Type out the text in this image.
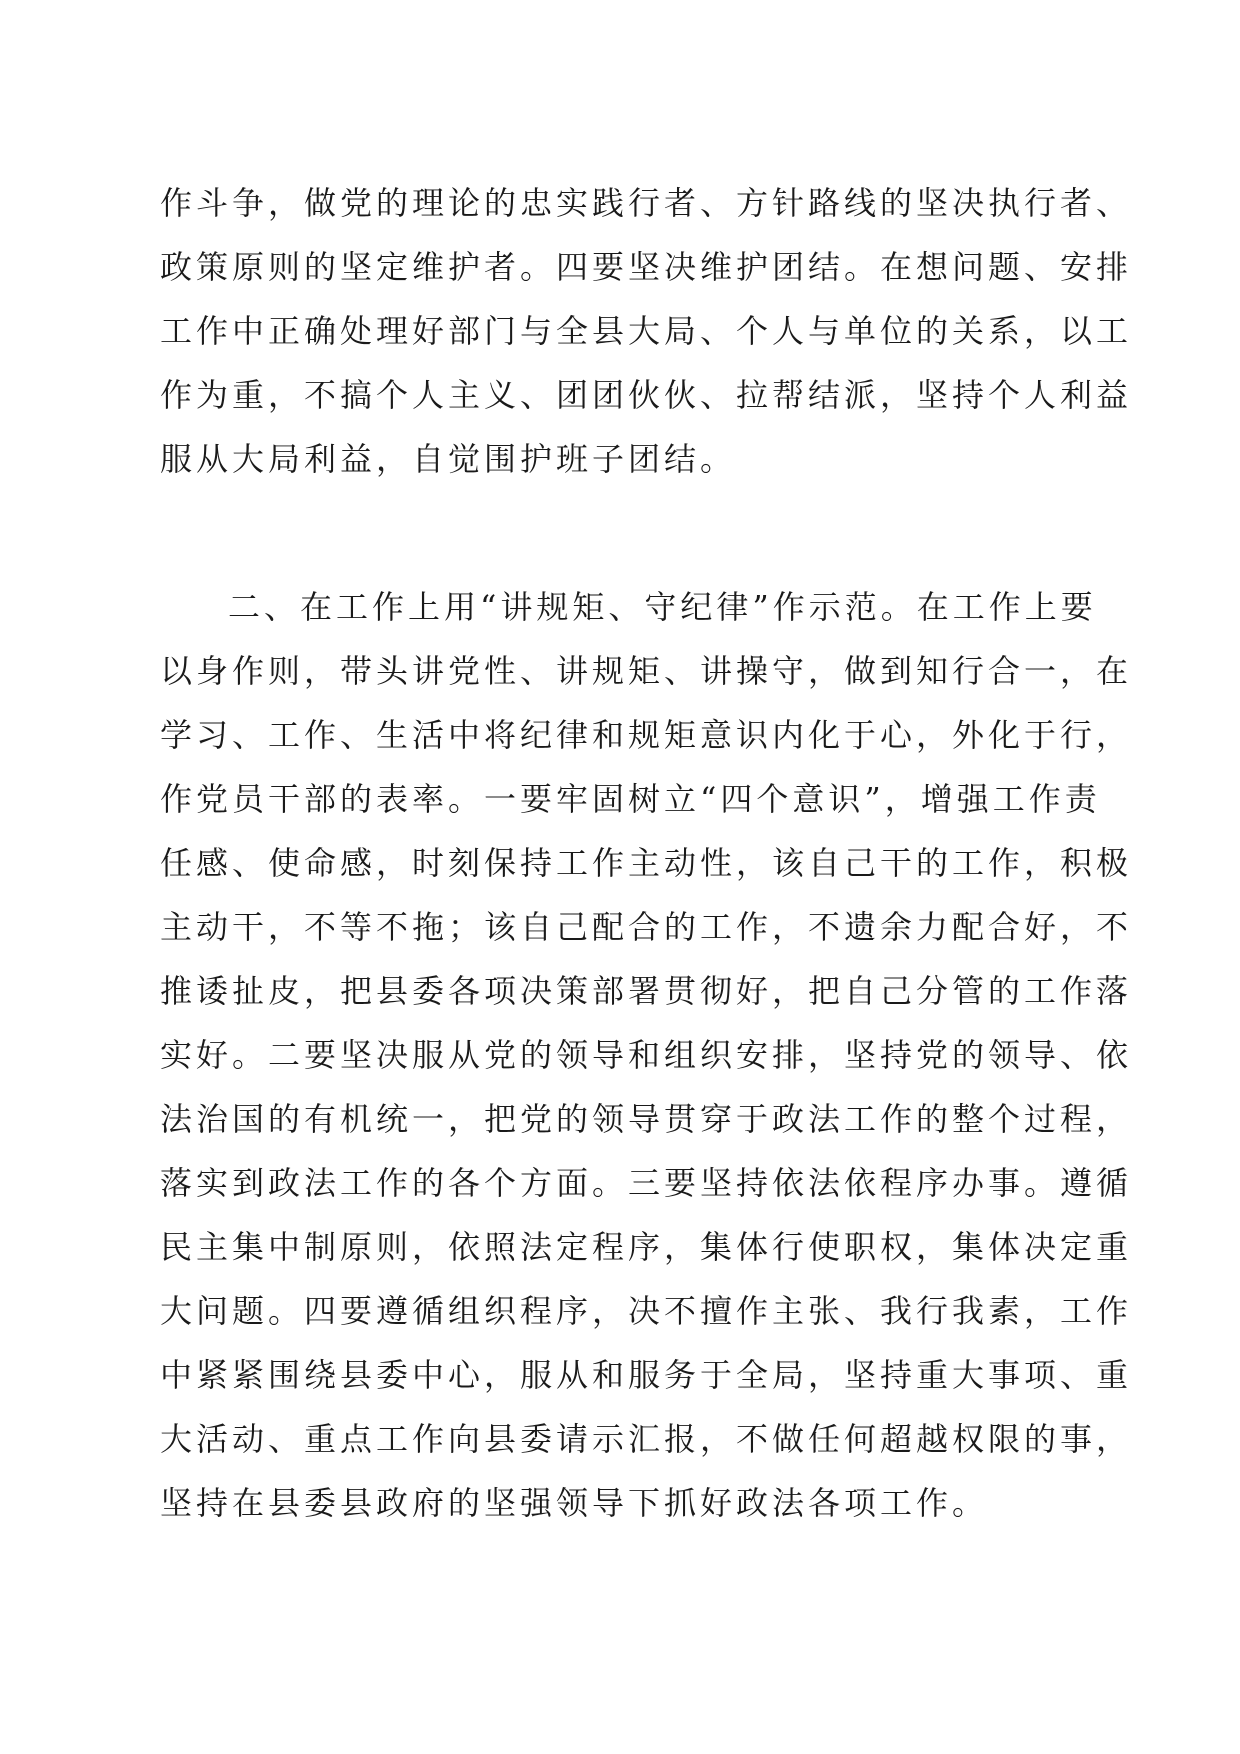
作斗争，做党的理论的忠实践行者、方针路线的坚决执行者、
政策原则的坚定维护者。四要坚决维护团结。在想问题、安排
工作中正确处理好部门与全县大局、个人与单位的关系，以工
作为重，不搞个人主义、团团伙伙、拉帮结派，坚持个人利益
服从大局利益，自觉围护班子团结。
二、在工作上用“讲规矩、守纪律”作示范。在工作上要
以身作则，带头讲党性、讲规矩、讲操守，做到知行合一，在
学习、工作、生活中将纪律和规矩意识内化于心，外化于行，
作党员干部的表率。一要牢固树立“四个意识”，增强工作责
任感、使命感，时刻保持工作主动性，该自己干的工作，积极
主动干，不等不拖；该自己配合的工作，不遗余力配合好，不
推诿扯皮，把县委各项决策部署贯彻好，把自己分管的工作落
实好。二要坚决服从党的领导和组织安排，坚持党的领导、依
法治国的有机统一，把党的领导贯穿于政法工作的整个过程，
落实到政法工作的各个方面。三要坚持依法依程序办事。遵循
民主集中制原则，依照法定程序，集体行使职权，集体决定重
大问题。四要遵循组织程序，决不擅作主张、我行我素，工作
中紧紧围绕县委中心，服从和服务于全局，坚持重大事项、重
大活动、重点工作向县委请示汇报，不做任何超越权限的事，
坚持在县委县政府的坚强领导下抓好政法各项工作。
